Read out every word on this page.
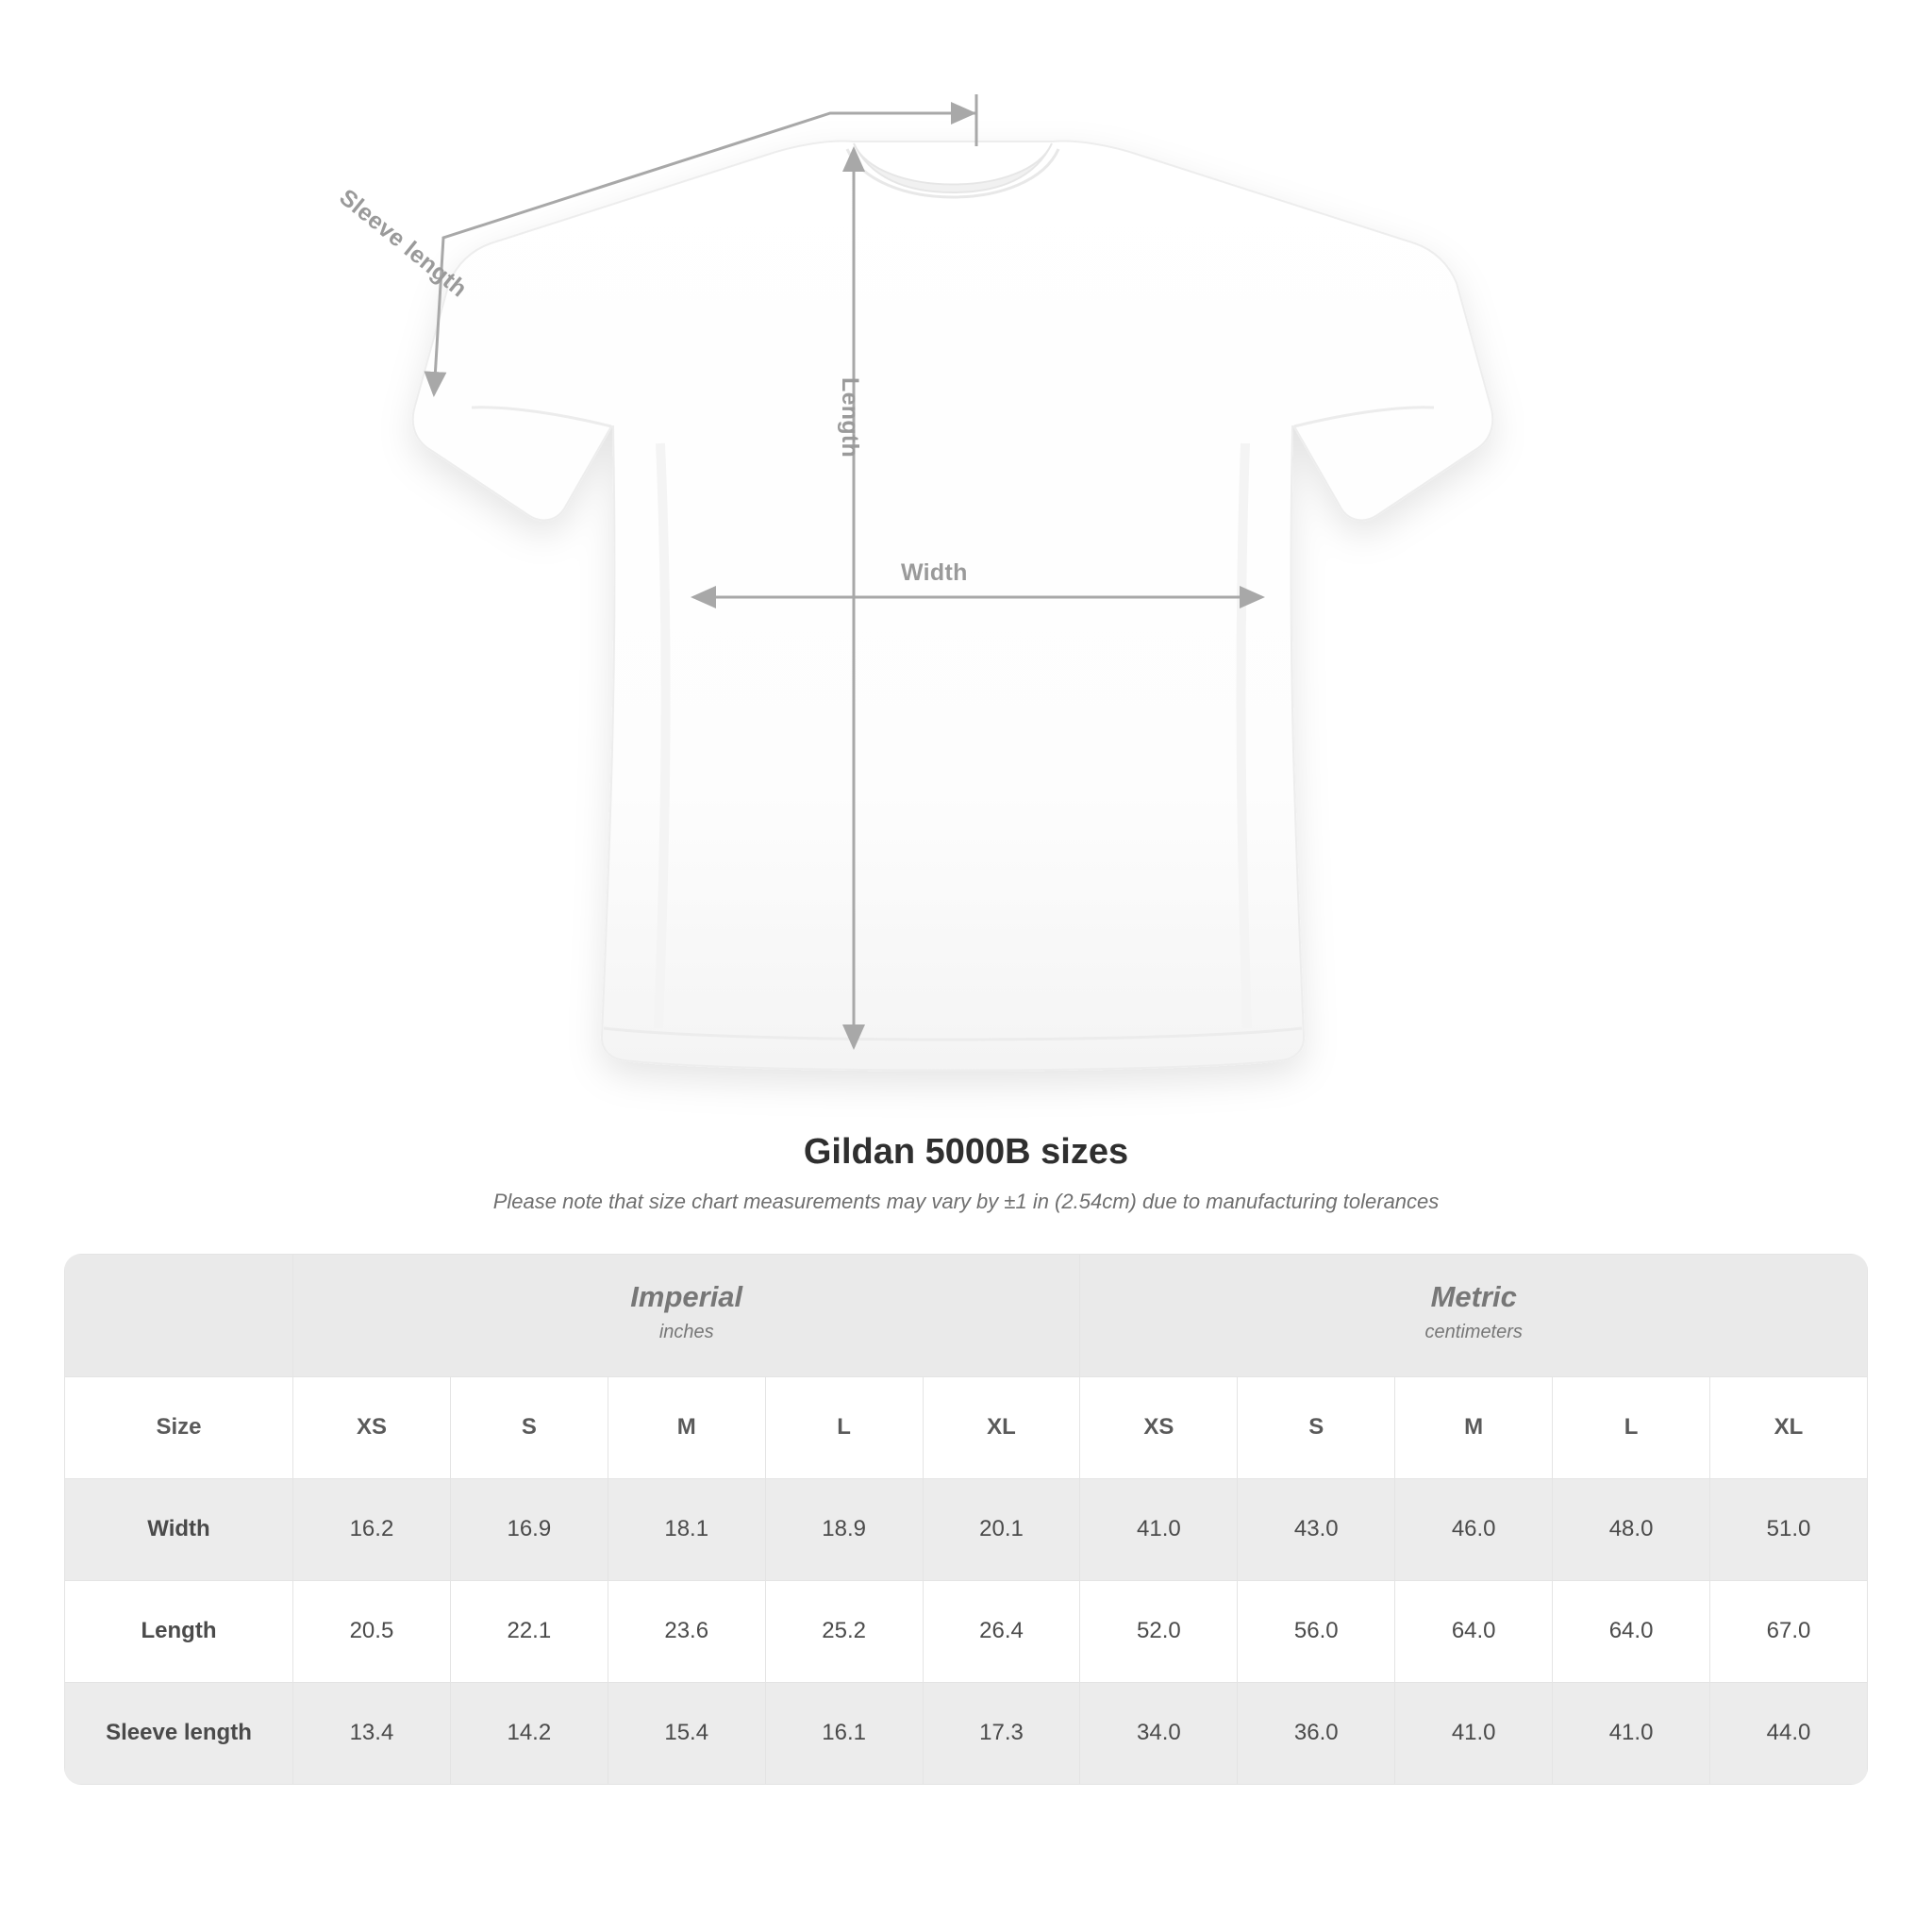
Sleeve length
Length
Width
Gildan 5000B sizes

Please note that size chart measurements may vary by ±1 in (2.54cm) due to manufacturing tolerances

Imperial
inches

Metric
centimeters

Size	XS	S	M	L	XL	XS	S	M	L	XL
Width	16.2	16.9	18.1	18.9	20.1	41.0	43.0	46.0	48.0	51.0
Length	20.5	22.1	23.6	25.2	26.4	52.0	56.0	64.0	64.0	67.0
Sleeve length	13.4	14.2	15.4	16.1	17.3	34.0	36.0	41.0	41.0	44.0
